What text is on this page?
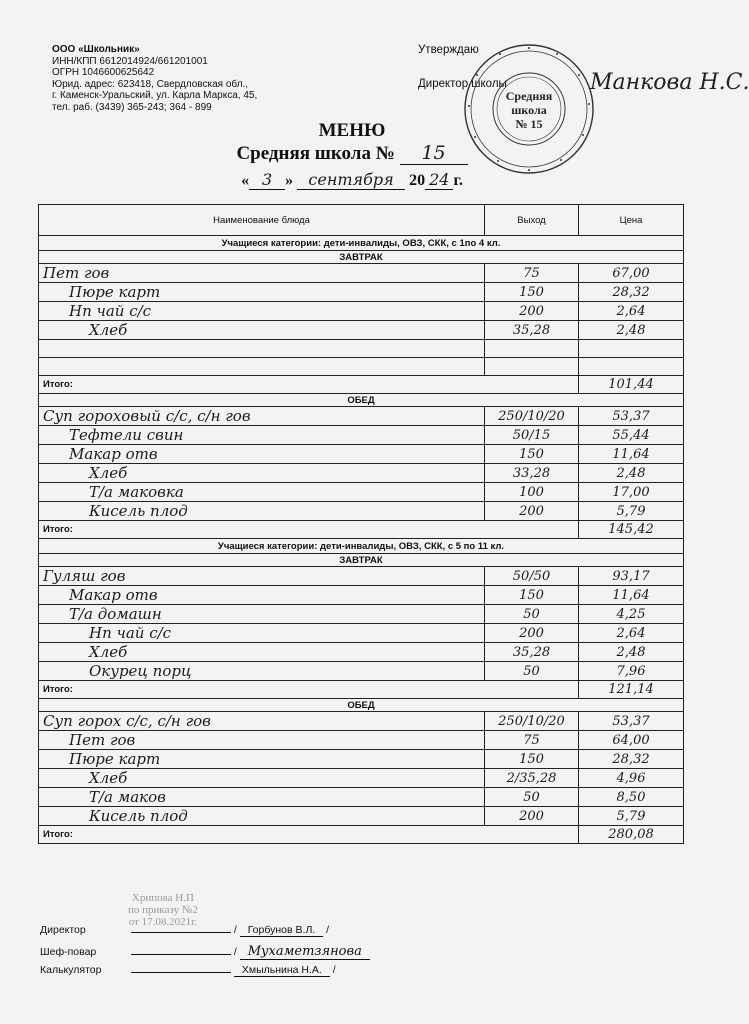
ООО «Школьник»
ИНН/КПП 6612014924/661201001
ОГРН 1046600625642
Юрид. адрес: 623418, Свердловская обл.,
г. Каменск-Уральский, ул. Карла Маркса, 45,
тел. раб. (3439) 365-243; 364 - 899
Утверждаю
Директор школы
Средняя
школа
№ 15
Манкова Н.С.
МЕНЮ
Средняя школа № 15
« 3 » сентября 20 24 г.
Наименование блюда	Выход	Цена
Учащиеся категории: дети-инвалиды, ОВЗ, СКК, с 1по 4 кл.		
ЗАВТРАК		
Пет гов	75	67,00
Пюре карт	150	28,32
Нп чай с/с	200	2,64
Хлеб	35,28	2,48

Итого:		101,44
ОБЕД		
Суп гороховый с/с, с/н гов	250/10/20	53,37
Тефтели свин	50/15	55,44
Макар отв	150	11,64
Хлеб	33,28	2,48
Т/а маковка	100	17,00
Кисель плод	200	5,79
Итого:		145,42
Учащиеся категории: дети-инвалиды, ОВЗ, СКК, с 5 по 11 кл.		
ЗАВТРАК		
Гуляш гов	50/50	93,17
Макар отв	150	11,64
Т/а домашн	50	4,25
Нп чай с/с	200	2,64
Хлеб	35,28	2,48
Окурец порц	50	7,96
Итого:		121,14
ОБЕД		
Суп горох с/с, с/н гов	250/10/20	53,37
Пет гов	75	64,00
Пюре карт	150	28,32
Хлеб	2/35,28	4,96
Т/а маков	50	8,50
Кисель плод	200	5,79
Итого:		280,08
Хрипова Н.П
по приказу №2
от 17.08.2021г.
Директор	/ Горбунов В.Л. /
Шеф-повар	/ Мухаметзянова
Калькулятор	Хмыльнина Н.А. /
